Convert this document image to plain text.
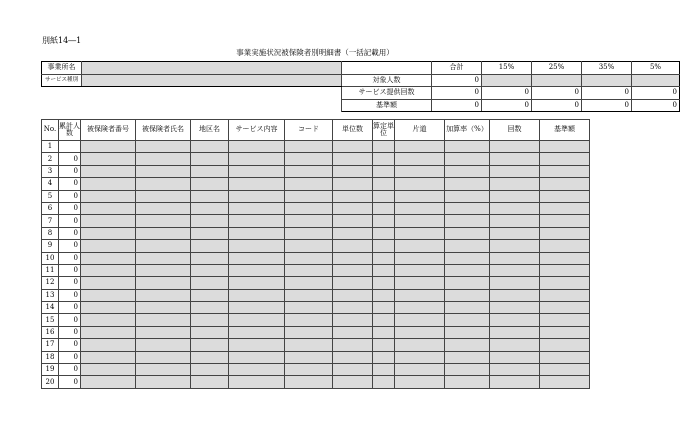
別紙14―1
事業実施状況被保険者別明細書（一括記載用）
事業所名				合計	15%	25%	35%	5%
サービス種別			対象人数	0				
			サービス提供回数	0	0	0	0	0
			基準額	0	0	0	0	0
No.	累計人数	被保険者番号	被保険者氏名	地区名	サービス内容	コード	単位数	算定単位	片道	加算率（%）	回数	基準額
1												
2	0											
3	0											
4	0											
5	0											
6	0											
7	0											
8	0											
9	0											
10	0											
11	0											
12	0											
13	0											
14	0											
15	0											
16	0											
17	0											
18	0											
19	0											
20	0											
